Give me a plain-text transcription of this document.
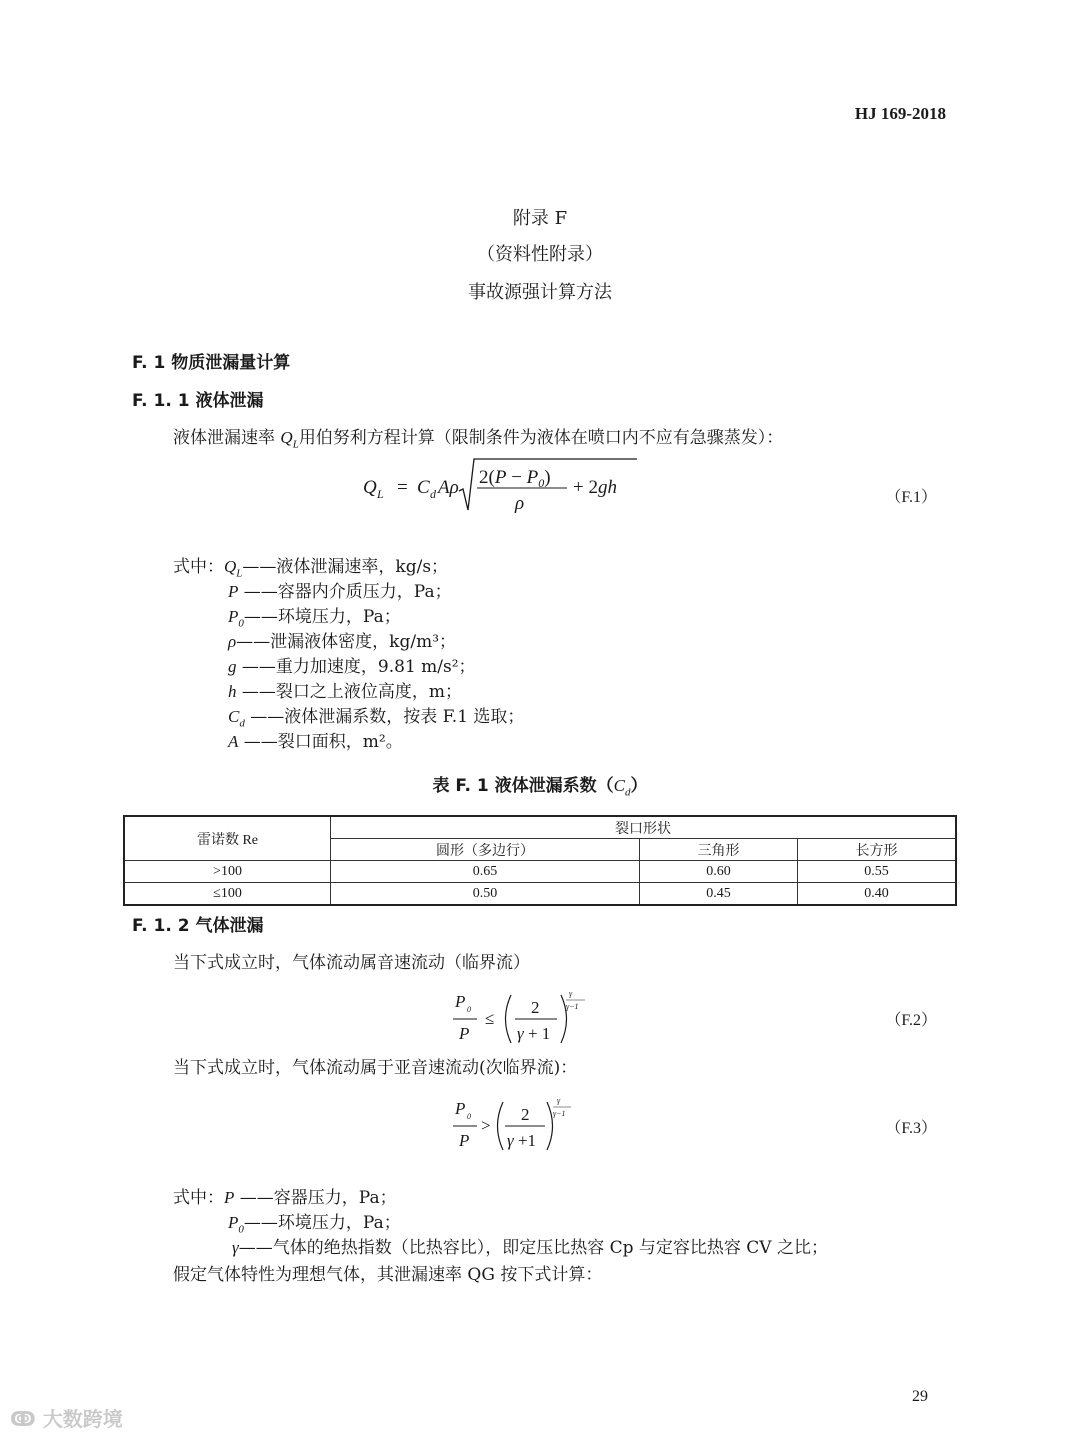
HJ 169-2018
附录 F
（资料性附录）
事故源强计算方法
F. 1 物质泄漏量计算
F. 1. 1 液体泄漏
液体泄漏速率 $Q_L$用伯努利方程计算（限制条件为液体在喷口内不应有急骤蒸发）：
Q L = C d Aρ $2(P - P_0)$
ρ
+ 2gh	（F.1）
式中：$Q_L——$液体泄漏速率，kg/s；
P ——容器内介质压力，Pa；
$P_0——$环境压力，Pa；
ρ——泄漏液体密度，kg/m³；
g ——重力加速度，9.81 m/s²；
h ——裂口之上液位高度，m；
$C_d$ ——液体泄漏系数，按表 F.1 选取；
A ——裂口面积，m²。
表 F. 1 液体泄漏系数$(C_d)$
雷诺数 Re	裂口形状		
	圆形（多边行）	三角形	长方形
>100	0.65	0.60	0.55
≤100	0.50	0.45	0.40
F. 1. 2 气体泄漏
当下式成立时，气体流动属音速流动（临界流）
P 0
P
≤
2
γ + 1
γ
γ−1
（F.2）
当下式成立时，气体流动属于亚音速流动(次临界流)：
P 0
P
>
2
γ +1
γ
γ−1
（F.3）
式中：P ——容器压力，Pa；
$P_0——$环境压力，Pa；
γ——气体的绝热指数（比热容比），即定压比热容 Cp 与定容比热容 CV 之比；
假定气体特性为理想气体，其泄漏速率 QG 按下式计算：
29
ↂ 大数跨境
